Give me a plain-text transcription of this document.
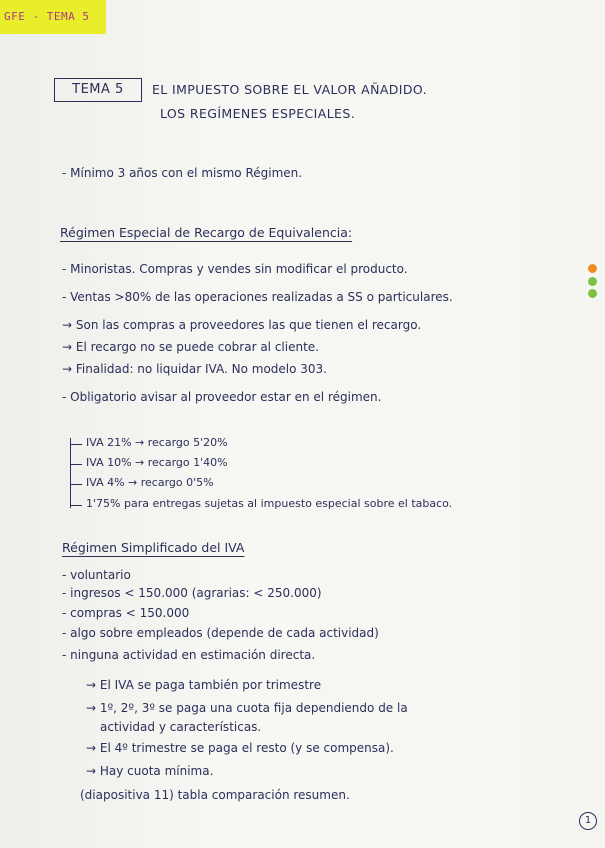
GFE - TEMA 5
TEMA 5	EL IMPUESTO SOBRE EL VALOR AÑADIDO.
LOS REGÍMENES ESPECIALES.
- Mínimo 3 años con el mismo Régimen.
Régimen Especial de Recargo de Equivalencia:
- Minoristas. Compras y vendes sin modificar el producto.
- Ventas >80% de las operaciones realizadas a SS o particulares.
→ Son las compras a proveedores las que tienen el recargo.
→ El recargo no se puede cobrar al cliente.
→ Finalidad: no liquidar IVA. No modelo 303.
- Obligatorio avisar al proveedor estar en el régimen.
IVA 21% → recargo 5'20%
IVA 10% → recargo 1'40%
IVA 4% → recargo 0'5%
1'75% para entregas sujetas al impuesto especial sobre el tabaco.
Régimen Simplificado del IVA
- voluntario
- ingresos < 150.000 (agrarias: < 250.000)
- compras < 150.000
- algo sobre empleados (depende de cada actividad)
- ninguna actividad en estimación directa.
→ El IVA se paga también por trimestre
→ 1º, 2º, 3º se paga una cuota fija dependiendo de la
actividad y características.
→ El 4º trimestre se paga el resto (y se compensa).
→ Hay cuota mínima.
(diapositiva 11) tabla comparación resumen.
1
